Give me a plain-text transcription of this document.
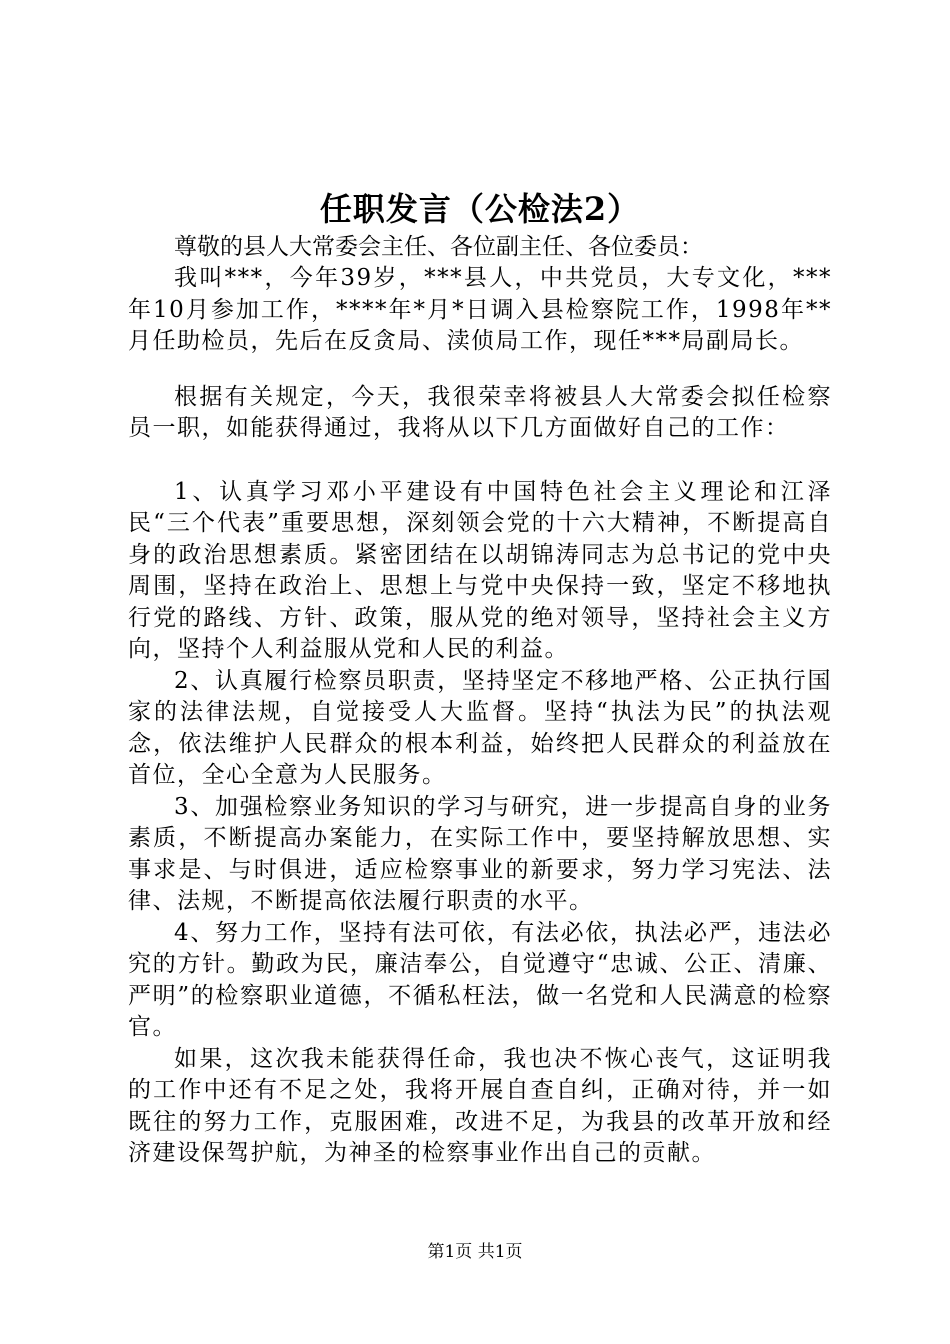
任职发言（公检法2）

尊敬的县人大常委会主任、各位副主任、各位委员：

我叫***，今年39岁，***县人，中共党员，大专文化，***年10月参加工作，****年*月*日调入县检察院工作，1998年**月任助检员，先后在反贪局、渎侦局工作，现任***局副局长。

根据有关规定，今天，我很荣幸将被县人大常委会拟任检察员一职，如能获得通过，我将从以下几方面做好自己的工作：

1、认真学习邓小平建设有中国特色社会主义理论和江泽民“三个代表”重要思想，深刻领会党的十六大精神，不断提高自身的政治思想素质。紧密团结在以胡锦涛同志为总书记的党中央周围，坚持在政治上、思想上与党中央保持一致，坚定不移地执行党的路线、方针、政策，服从党的绝对领导，坚持社会主义方向，坚持个人利益服从党和人民的利益。

2、认真履行检察员职责，坚持坚定不移地严格、公正执行国家的法律法规，自觉接受人大监督。坚持“执法为民”的执法观念，依法维护人民群众的根本利益，始终把人民群众的利益放在首位，全心全意为人民服务。

3、加强检察业务知识的学习与研究，进一步提高自身的业务素质，不断提高办案能力，在实际工作中，要坚持解放思想、实事求是、与时俱进，适应检察事业的新要求，努力学习宪法、法律、法规，不断提高依法履行职责的水平。

4、努力工作，坚持有法可依，有法必依，执法必严，违法必究的方针。勤政为民，廉洁奉公，自觉遵守“忠诚、公正、清廉、严明”的检察职业道德，不循私枉法，做一名党和人民满意的检察官。

如果，这次我未能获得任命，我也决不恢心丧气，这证明我的工作中还有不足之处，我将开展自查自纠，正确对待，并一如既往的努力工作，克服困难，改进不足，为我县的改革开放和经济建设保驾护航，为神圣的检察事业作出自己的贡献。

第1页 共1页
